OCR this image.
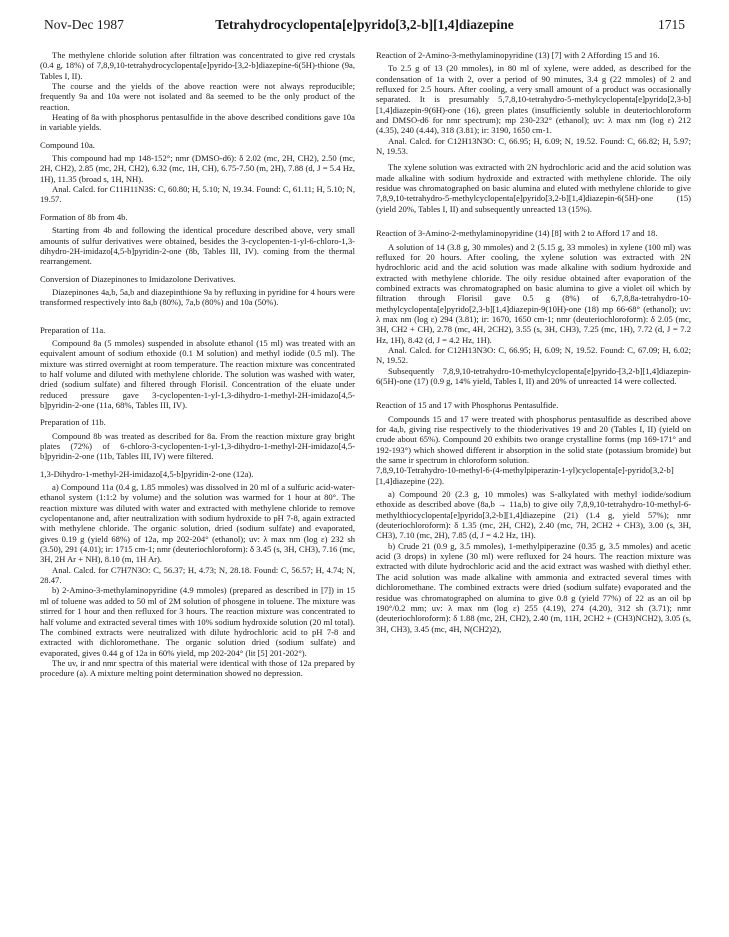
Nov-Dec 1987	Tetrahydrocyclopenta[e]pyrido[3,2-b][1,4]diazepine	1715

The methylene chloride solution after filtration was concentrated to give red crystals (0.4 g, 18%) of 7,8,9,10-tetrahydrocyclopenta[e]pyrido-[3,2-b]diazepine-6(5H)-thione (9a, Tables I, II).

The course and the yields of the above reaction were not always reproducible; frequently 9a and 10a were not isolated and 8a seemed to be the only product of the reaction.

Heating of 8a with phosphorus pentasulfide in the above described conditions gave 10a in variable yields.

Compound 10a.

This compound had mp 148-152°; nmr (DMSO-d6): δ 2.02 (mc, 2H, CH2), 2.50 (mc, 2H, CH2), 2.85 (mc, 2H, CH2), 6.32 (mc, 1H, CH), 6.75-7.50 (m, 2H), 7.88 (d, J = 5.4 Hz, 1H), 11.35 (broad s, 1H, NH).

Anal. Calcd. for C11H11N3S: C, 60.80; H, 5.10; N, 19.34. Found: C, 61.11; H, 5.10; N, 19.57.

Formation of 8b from 4b.

Starting from 4b and following the identical procedure described above, very small amounts of sulfur derivatives were obtained, besides the 3-cyclopenten-1-yl-6-chloro-1,3-dihydro-2H-imidazo[4,5-b]pyridin-2-one (8b, Tables III, IV). coming from the thermal rearrangement.

Conversion of Diazepinones to Imidazolone Derivatives.

Diazepinones 4a,b, 5a,b and diazepinthione 9a by refluxing in pyridine for 4 hours were transformed respectively into 8a,b (80%), 7a,b (80%) and 10a (50%).

Preparation of 11a.

Compound 8a (5 mmoles) suspended in absolute ethanol (15 ml) was treated with an equivalent amount of sodium ethoxide (0.1 M solution) and methyl iodide (0.5 ml). The mixture was stirred overnight at room temperature. The reaction mixture was concentrated to half volume and diluted with methylene chloride. The solution was washed with water, dried (sodium sulfate) and filtered through Florisil. Concentration of the eluate under reduced pressure gave 3-cyclopenten-1-yl-1,3-dihydro-1-methyl-2H-imidazo[4,5-b]pyridin-2-one (11a, 68%, Tables III, IV).

Preparation of 11b.

Compound 8b was treated as described for 8a. From the reaction mixture gray bright plates (72%) of 6-chloro-3-cyclopenten-1-yl-1,3-dihydro-1-methyl-2H-imidazo[4,5-b]pyridin-2-one (11b, Tables III, IV) were filtered.

1,3-Dihydro-1-methyl-2H-imidazo[4,5-b]pyridin-2-one (12a).

a) Compound 11a (0.4 g, 1.85 mmoles) was dissolved in 20 ml of a sulfuric acid-water-ethanol system (1:1:2 by volume) and the solution was warmed for 1 hour at 80°. The reaction mixture was diluted with water and extracted with methylene chloride to remove cyclopentanone and, after neutralization with sodium hydroxide to pH 7-8, again extracted with methylene chloride. The organic solution, dried (sodium sulfate) and evaporated, gives 0.19 g (yield 68%) of 12a, mp 202-204° (ethanol); uv: λ max nm (log ε) 232 sh (3.50), 291 (4.01); ir: 1715 cm-1; nmr (deuteriochloroform): δ 3.45 (s, 3H, CH3), 7.16 (mc, 3H, 2H Ar + NH), 8.10 (m, 1H Ar).

Anal. Calcd. for C7H7N3O: C, 56.37; H, 4.73; N, 28.18. Found: C, 56.57; H, 4.74; N, 28.47.

b) 2-Amino-3-methylaminopyridine (4.9 mmoles) (prepared as described in [7]) in 15 ml of toluene was added to 50 ml of 2M solution of phosgene in toluene. The mixture was stirred for 1 hour and then refluxed for 3 hours. The reaction mixture was concentrated to half volume and extracted several times with 10% sodium hydroxide solution (20 ml total). The combined extracts were neutralized with dilute hydrochloric acid to pH 7-8 and extracted with dichloromethane. The organic solution dried (sodium sulfate) and evaporated, gives 0.44 g of 12a in 60% yield, mp 202-204° (lit [5] 201-202°).

The uv, ir and nmr spectra of this material were identical with those of 12a prepared by procedure (a). A mixture melting point determination showed no depression.

Reaction of 2-Amino-3-methylaminopyridine (13) [7] with 2 Affording 15 and 16.

To 2.5 g of 13 (20 mmoles), in 80 ml of xylene, were added, as described for the condensation of 1a with 2, over a period of 90 minutes, 3.4 g (22 mmoles) of 2 and refluxed for 2.5 hours. After cooling, a very small amount of a product was occasionally separated. It is presumably 5,7,8,10-tetrahydro-5-methylcyclopenta[e]pyrido[2,3-b][1,4]diazepin-9(6H)-one (16), green plates (insufficiently soluble in deuteriochloroform and DMSO-d6 for nmr spectrum); mp 230-232° (ethanol); uv: λ max nm (log ε) 212 (4.35), 240 (4.44), 318 (3.81); ir: 3190, 1650 cm-1.

Anal. Calcd. for C12H13N3O: C, 66.95; H, 6.09; N, 19.52. Found: C, 66.82; H, 5.97; N, 19.53.

The xylene solution was extracted with 2N hydrochloric acid and the acid solution was made alkaline with sodium hydroxide and extracted with methylene chloride. The oily residue was chromatographed on basic alumina and eluted with methylene chloride to give 7,8,9,10-tetrahydro-5-methylcyclopenta[e]pyrido[3,2-b][1,4]diazepin-6(5H)-one (15) (yield 20%, Tables I, II) and subsequently unreacted 13 (15%).

Reaction of 3-Amino-2-methylaminopyridine (14) [8] with 2 to Afford 17 and 18.

A solution of 14 (3.8 g, 30 mmoles) and 2 (5.15 g, 33 mmoles) in xylene (100 ml) was refluxed for 20 hours. After cooling, the xylene solution was extracted with 2N hydrochloric acid and the acid solution was made alkaline with sodium hydroxide and extracted with methylene chloride. The oily residue obtained after evaporation of the combined extracts was chromatographed on basic alumina to give a violet oil which by filtration through Florisil gave 0.5 g (8%) of 6,7,8,8a-tetrahydro-10-methylcyclopenta[e]pyrido[2,3-b][1,4]diazepin-9(10H)-one (18) mp 66-68° (ethanol); uv: λ max nm (log ε) 294 (3.81); ir: 1670, 1650 cm-1; nmr (deuteriochloroform): δ 2.05 (mc, 3H, CH2 + CH), 2.78 (mc, 4H, 2CH2), 3.55 (s, 3H, CH3), 7.25 (mc, 1H), 7.72 (d, J = 7.2 Hz, 1H), 8.42 (d, J = 4.2 Hz, 1H).

Anal. Calcd. for C12H13N3O: C, 66.95; H, 6.09; N, 19.52. Found: C, 67.09; H, 6.02; N, 19.52.

Subsequently 7,8,9,10-tetrahydro-10-methylcyclopenta[e]pyrido-[3,2-b][1,4]diazepin-6(5H)-one (17) (0.9 g, 14% yield, Tables I, II) and 20% of unreacted 14 were collected.

Reaction of 15 and 17 with Phosphorus Pentasulfide.

Compounds 15 and 17 were treated with phosphorus pentasulfide as described above for 4a,b, giving rise respectively to the thioderivatives 19 and 20 (Tables I, II) (yield on crude about 65%). Compound 20 exhibits two orange crystalline forms (mp 169-171° and 192-193°) which showed different ir absorption in the solid state (potassium bromide) but the same ir spectrum in chloroform solution.

7,8,9,10-Tetrahydro-10-methyl-6-(4-methylpiperazin-1-yl)cyclopenta[e]-pyrido[3,2-b][1,4]diazepine (22).

a) Compound 20 (2.3 g, 10 mmoles) was S-alkylated with methyl iodide/sodium ethoxide as described above (8a,b → 11a,b) to give oily 7,8,9,10-tetrahydro-10-methyl-6-methylthiocyclopenta[e]pyrido[3,2-b][1,4]diazepine (21) (1.4 g, yield 57%); nmr (deuteriochloroform): δ 1.35 (mc, 2H, CH2), 2.40 (mc, 7H, 2CH2 + CH3), 3.00 (s, 3H, CH3), 7.10 (mc, 2H), 7.85 (d, J = 4.2 Hz, 1H).

b) Crude 21 (0.9 g, 3.5 mmoles), 1-methylpiperazine (0.35 g, 3.5 mmoles) and acetic acid (3 drops) in xylene (30 ml) were refluxed for 24 hours. The reaction mixture was extracted with dilute hydrochloric acid and the acid extract was washed with diethyl ether. The acid solution was made alkaline with ammonia and extracted several times with dichloromethane. The combined extracts were dried (sodium sulfate) evaporated and the residue was chromatographed on alumina to give 0.8 g (yield 77%) of 22 as an oil bp 190°/0.2 mm; uv: λ max nm (log ε) 255 (4.19), 274 (4.20), 312 sh (3.71); nmr (deuteriochloroform): δ 1.88 (mc, 2H, CH2), 2.40 (m, 11H, 2CH2 + (CH3)NCH2), 3.05 (s, 3H, CH3), 3.45 (mc, 4H, N(CH2)2),
